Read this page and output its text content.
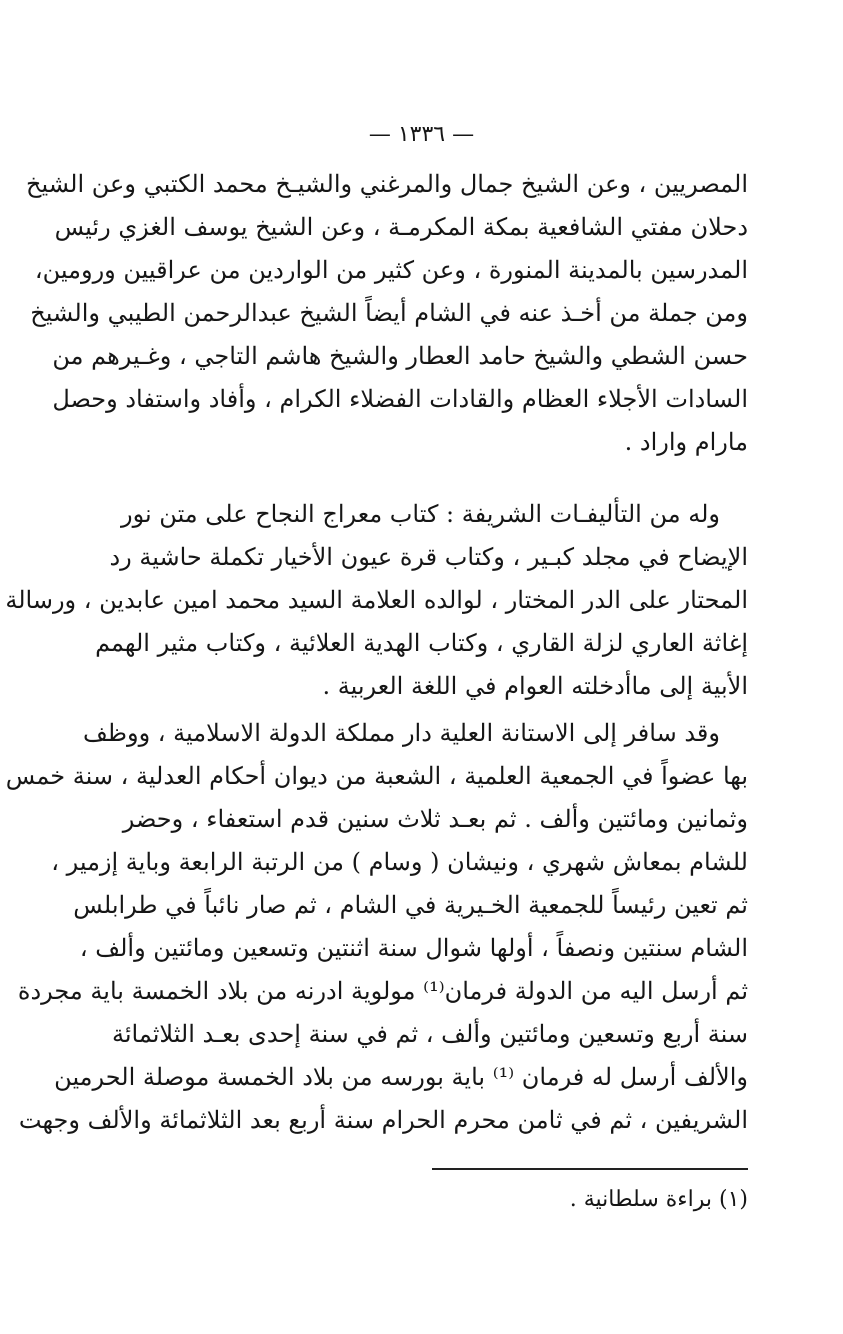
— ١٣٣٦ —
المصريين ، وعن الشيخ جمال والمرغني والشيـخ محمد الكتبي وعن الشيخ
دحلان مفتي الشافعية بمكة المكرمـة ، وعن الشيخ يوسف الغزي رئيس
المدرسين بالمدينة المنورة ، وعن كثير من الواردين من عراقيين ورومين،
ومن جملة من أخـذ عنه في الشام أيضاً الشيخ عبدالرحمن الطيبي والشيخ
حسن الشطي والشيخ حامد العطار والشيخ هاشم التاجي ، وغـيرهم من
السادات الأجلاء العظام والقادات الفضلاء الكرام ، وأفاد واستفاد وحصل
مارام واراد .
وله من التأليفـات الشريفة : كتاب معراج النجاح على متن نور
الإيضاح في مجلد كبـير ، وكتاب قرة عيون الأخيار تكملة حاشية رد
المحتار على الدر المختار ، لوالده العلامة السيد محمد امين عابدين ، ورسالة
إغاثة العاري لزلة القاري ، وكتاب الهدية العلائية ، وكتاب مثير الهمم
الأبية إلى ماأدخلته العوام في اللغة العربية .
وقد سافر إلى الاستانة العلية دار مملكة الدولة الاسلامية ، ووظف
بها عضواً في الجمعية العلمية ، الشعبة من ديوان أحكام العدلية ، سنة خمس
وثمانين ومائتين وألف . ثم بعـد ثلاث سنين قدم استعفاء ، وحضر
للشام بمعاش شهري ، ونيشان ( وسام ) من الرتبة الرابعة وباية إزمير ،
ثم تعين رئيساً للجمعية الخـيرية في الشام ، ثم صار نائباً في طرابلس
الشام سنتين ونصفاً ، أولها شوال سنة اثنتين وتسعين ومائتين وألف ،
ثم أرسل اليه من الدولة فرمان⁽¹⁾ مولوية ادرنه من بلاد الخمسة باية مجردة
سنة أربع وتسعين ومائتين وألف ، ثم في سنة إحدى بعـد الثلاثمائة
والألف أرسل له فرمان ⁽¹⁾ باية بورسه من بلاد الخمسة موصلة الحرمين
الشريفين ، ثم في ثامن محرم الحرام سنة أربع بعد الثلاثمائة والألف وجهت
(١) براءة سلطانية .
